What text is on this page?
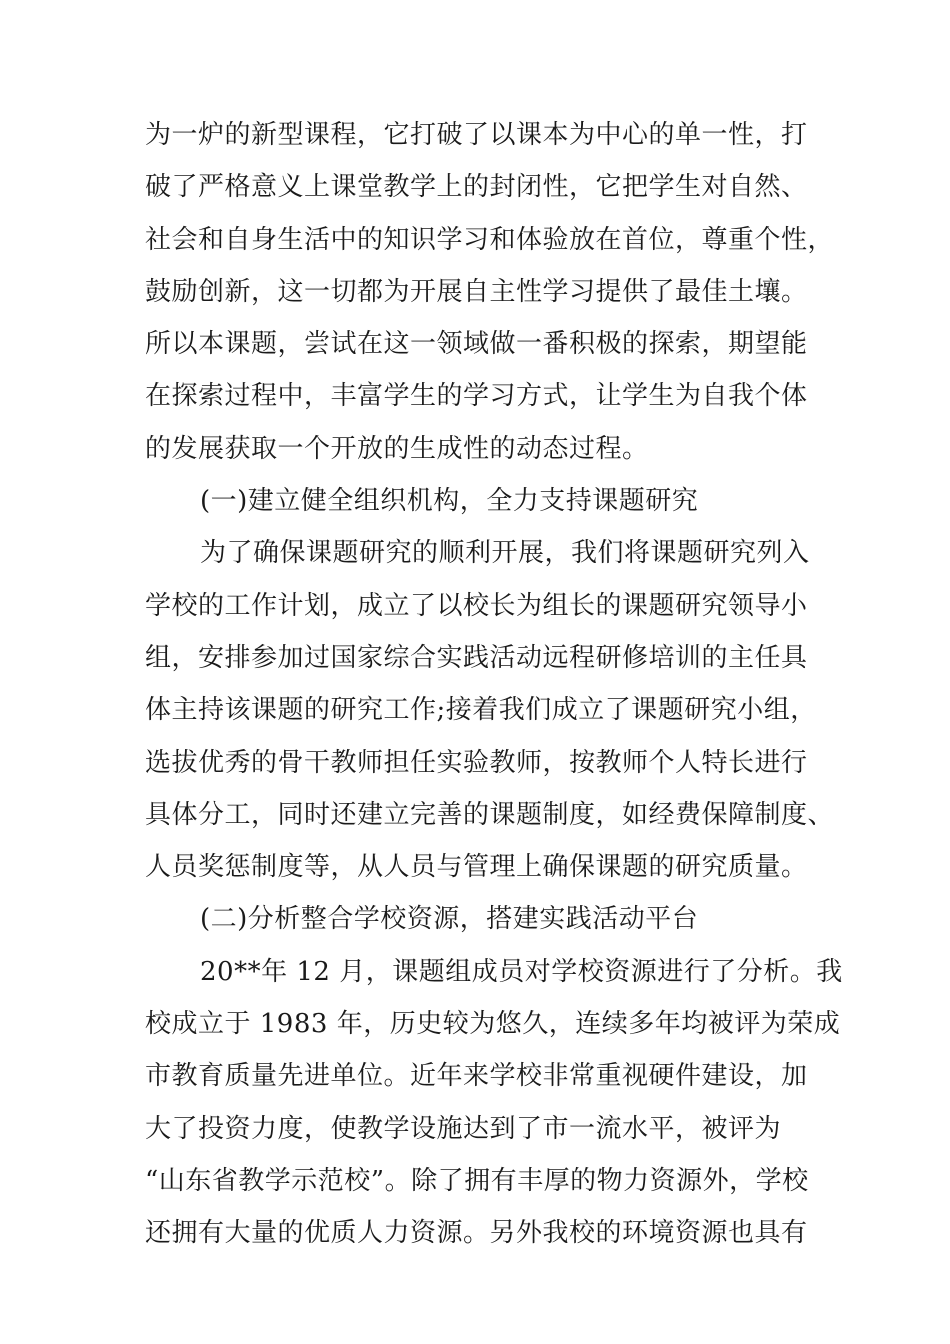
为一炉的新型课程，它打破了以课本为中心的单一性，打
破了严格意义上课堂教学上的封闭性，它把学生对自然、
社会和自身生活中的知识学习和体验放在首位，尊重个性，
鼓励创新，这一切都为开展自主性学习提供了最佳土壤。
所以本课题，尝试在这一领域做一番积极的探索，期望能
在探索过程中，丰富学生的学习方式，让学生为自我个体
的发展获取一个开放的生成性的动态过程。
(一)建立健全组织机构，全力支持课题研究
为了确保课题研究的顺利开展，我们将课题研究列入
学校的工作计划，成立了以校长为组长的课题研究领导小
组，安排参加过国家综合实践活动远程研修培训的主任具
体主持该课题的研究工作;接着我们成立了课题研究小组，
选拔优秀的骨干教师担任实验教师，按教师个人特长进行
具体分工，同时还建立完善的课题制度，如经费保障制度、
人员奖惩制度等，从人员与管理上确保课题的研究质量。
(二)分析整合学校资源，搭建实践活动平台
20**年 12 月，课题组成员对学校资源进行了分析。我
校成立于 1983 年，历史较为悠久，连续多年均被评为荣成
市教育质量先进单位。近年来学校非常重视硬件建设，加
大了投资力度，使教学设施达到了市一流水平，被评为
“山东省教学示范校”。除了拥有丰厚的物力资源外，学校
还拥有大量的优质人力资源。另外我校的环境资源也具有
